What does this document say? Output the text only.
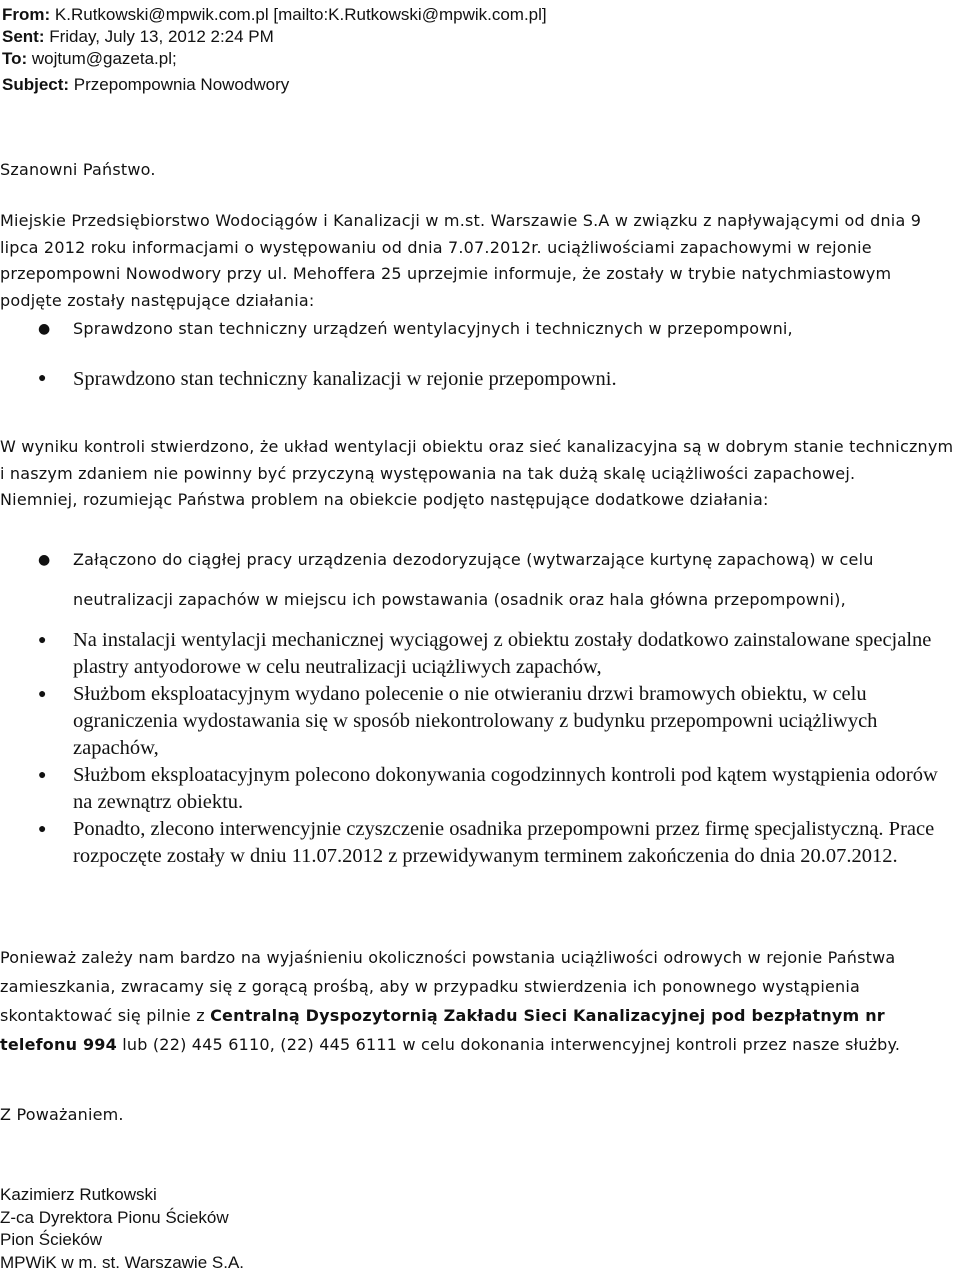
From: K.Rutkowski@mpwik.com.pl [mailto:K.Rutkowski@mpwik.com.pl]
Sent: Friday, July 13, 2012 2:24 PM
To: wojtum@gazeta.pl;
Subject: Przepompownia Nowodwory
Szanowni Państwo.
Miejskie Przedsiębiorstwo Wodociągów i Kanalizacji w m.st. Warszawie S.A w związku z napływającymi od dnia 9 lipca 2012 roku informacjami o występowaniu od dnia 7.07.2012r. uciążliwościami zapachowymi w rejonie przepompowni Nowodwory przy ul. Mehoffera 25 uprzejmie informuje, że zostały w trybie natychmiastowym podjęte zostały następujące działania:
● Sprawdzono stan techniczny urządzeń wentylacyjnych i technicznych w przepompowni,
● Sprawdzono stan techniczny kanalizacji w rejonie przepompowni.
W wyniku kontroli stwierdzono, że układ wentylacji obiektu oraz sieć kanalizacyjna są w dobrym stanie technicznym i naszym zdaniem nie powinny być przyczyną występowania na tak dużą skalę uciążliwości zapachowej.
Niemniej, rozumiejąc Państwa problem na obiekcie podjęto następujące dodatkowe działania:
● Załączono do ciągłej pracy urządzenia dezodoryzujące (wytwarzające kurtynę zapachową) w celu neutralizacji zapachów w miejscu ich powstawania (osadnik oraz hala główna przepompowni),
● Na instalacji wentylacji mechanicznej wyciągowej z obiektu zostały dodatkowo zainstalowane specjalne plastry antyodorowe w celu neutralizacji uciążliwych zapachów,
● Służbom eksploatacyjnym wydano polecenie o nie otwieraniu drzwi bramowych obiektu, w celu ograniczenia wydostawania się w sposób niekontrolowany z budynku przepompowni uciążliwych zapachów,
● Służbom eksploatacyjnym polecono dokonywania cogodzinnych kontroli pod kątem wystąpienia odorów na zewnątrz obiektu.
● Ponadto, zlecono interwencyjnie czyszczenie osadnika przepompowni przez firmę specjalistyczną. Prace rozpoczęte zostały w dniu 11.07.2012 z przewidywanym terminem zakończenia do dnia 20.07.2012.
Ponieważ zależy nam bardzo na wyjaśnieniu okoliczności powstania uciążliwości odrowych w rejonie Państwa zamieszkania, zwracamy się z gorącą prośbą, aby w przypadku stwierdzenia ich ponownego wystąpienia skontaktować się pilnie z Centralną Dyspozytornią Zakładu Sieci Kanalizacyjnej pod bezpłatnym nr telefonu 994 lub (22) 445 6110, (22) 445 6111 w celu dokonania interwencyjnej kontroli przez nasze służby.
Z Poważaniem.
Kazimierz Rutkowski
Z-ca Dyrektora Pionu Ścieków
Pion Ścieków
MPWiK w m. st. Warszawie S.A.
